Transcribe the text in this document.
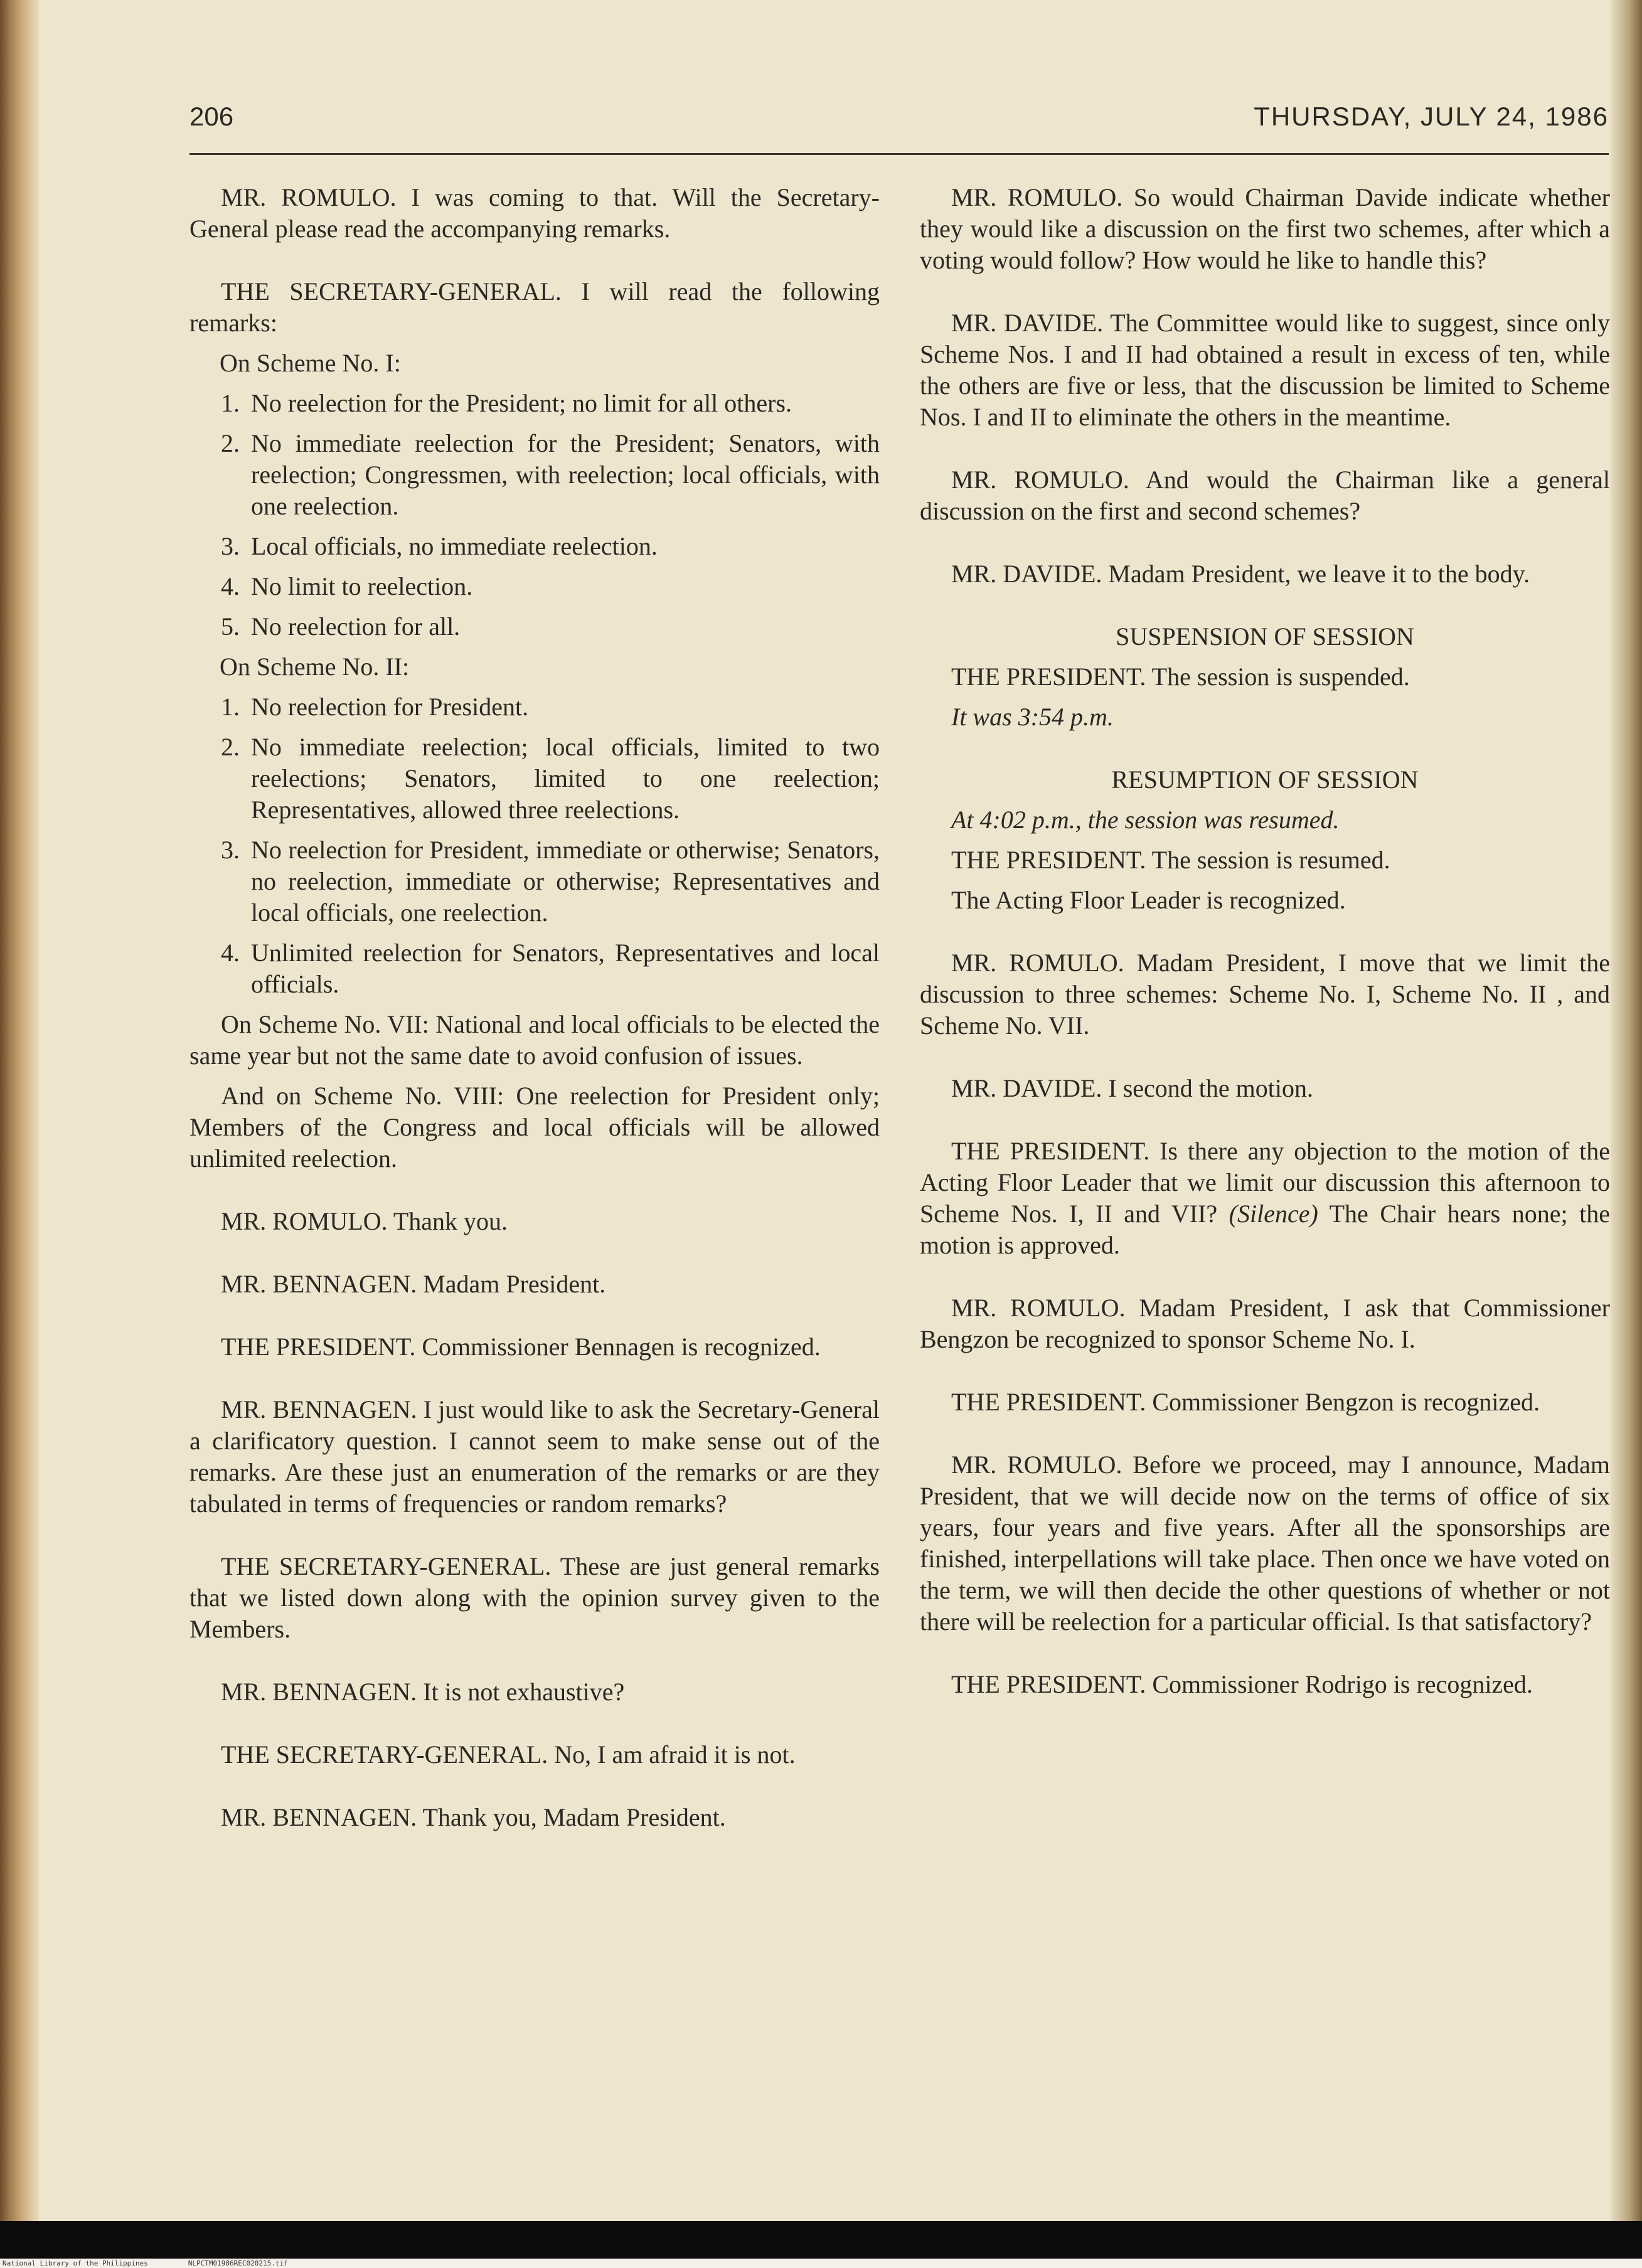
206	THURSDAY, JULY 24, 1986

MR. ROMULO. I was coming to that. Will the Secretary-General please read the accompanying remarks.

THE SECRETARY-GENERAL. I will read the following remarks:

On Scheme No. I:

1. No reelection for the President; no limit for all others.
2. No immediate reelection for the President; Senators, with reelection; Congressmen, with reelection; local officials, with one reelection.
3. Local officials, no immediate reelection.
4. No limit to reelection.
5. No reelection for all.

On Scheme No. II:

1. No reelection for President.
2. No immediate reelection; local officials, limited to two reelections; Senators, limited to one reelection; Representatives, allowed three reelections.
3. No reelection for President, immediate or otherwise; Senators, no reelection, immediate or otherwise; Representatives and local officials, one reelection.
4. Unlimited reelection for Senators, Representatives and local officials.

On Scheme No. VII: National and local officials to be elected the same year but not the same date to avoid confusion of issues.

And on Scheme No. VIII: One reelection for President only; Members of the Congress and local officials will be allowed unlimited reelection.

MR. ROMULO. Thank you.

MR. BENNAGEN. Madam President.

THE PRESIDENT. Commissioner Bennagen is recognized.

MR. BENNAGEN. I just would like to ask the Secretary-General a clarificatory question. I cannot seem to make sense out of the remarks. Are these just an enumeration of the remarks or are they tabulated in terms of frequencies or random remarks?

THE SECRETARY-GENERAL. These are just general remarks that we listed down along with the opinion survey given to the Members.

MR. BENNAGEN. It is not exhaustive?

THE SECRETARY-GENERAL. No, I am afraid it is not.

MR. BENNAGEN. Thank you, Madam President.

MR. ROMULO. So would Chairman Davide indicate whether they would like a discussion on the first two schemes, after which a voting would follow? How would he like to handle this?

MR. DAVIDE. The Committee would like to suggest, since only Scheme Nos. I and II had obtained a result in excess of ten, while the others are five or less, that the discussion be limited to Scheme Nos. I and II to eliminate the others in the meantime.

MR. ROMULO. And would the Chairman like a general discussion on the first and second schemes?

MR. DAVIDE. Madam President, we leave it to the body.

SUSPENSION OF SESSION

THE PRESIDENT. The session is suspended.

It was 3:54 p.m.

RESUMPTION OF SESSION

At 4:02 p.m., the session was resumed.

THE PRESIDENT. The session is resumed.

The Acting Floor Leader is recognized.

MR. ROMULO. Madam President, I move that we limit the discussion to three schemes: Scheme No. I, Scheme No. II , and Scheme No. VII.

MR. DAVIDE. I second the motion.

THE PRESIDENT. Is there any objection to the motion of the Acting Floor Leader that we limit our discussion this afternoon to Scheme Nos. I, II and VII? (Silence) The Chair hears none; the motion is approved.

MR. ROMULO. Madam President, I ask that Commissioner Bengzon be recognized to sponsor Scheme No. I.

THE PRESIDENT. Commissioner Bengzon is recognized.

MR. ROMULO. Before we proceed, may I announce, Madam President, that we will decide now on the terms of office of six years, four years and five years. After all the sponsorships are finished, interpellations will take place. Then once we have voted on the term, we will then decide the other questions of whether or not there will be reelection for a particular official. Is that satisfactory?

THE PRESIDENT. Commissioner Rodrigo is recognized.

National Library of the Philippines	NLPCTM01986REC020215.tif
